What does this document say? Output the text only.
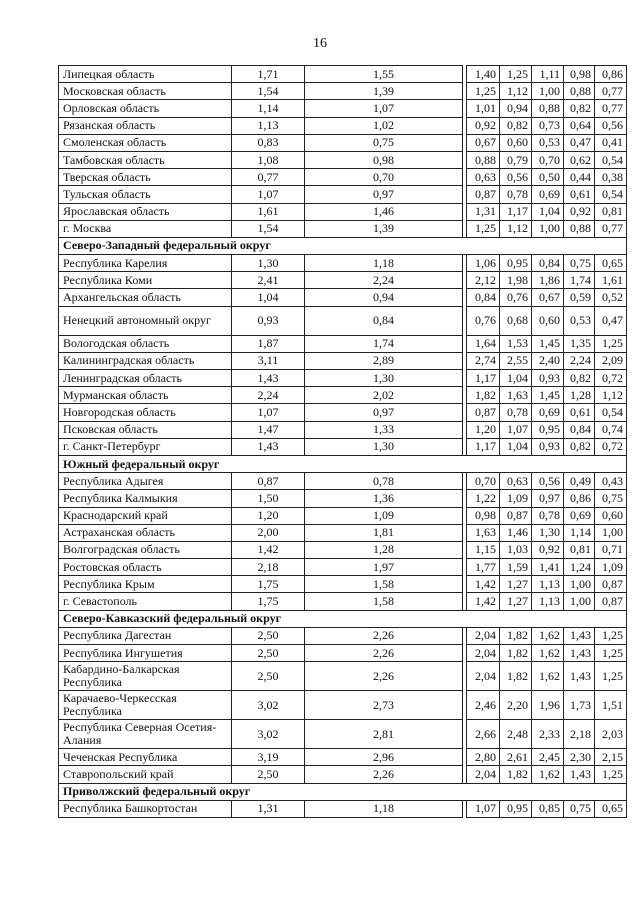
16
Липецкая область	1,71	1,55		1,40	1,25	1,11	0,98	0,86
Московская область	1,54	1,39		1,25	1,12	1,00	0,88	0,77
Орловская область	1,14	1,07		1,01	0,94	0,88	0,82	0,77
Рязанская область	1,13	1,02		0,92	0,82	0,73	0,64	0,56
Смоленская область	0,83	0,75		0,67	0,60	0,53	0,47	0,41
Тамбовская область	1,08	0,98		0,88	0,79	0,70	0,62	0,54
Тверская область	0,77	0,70		0,63	0,56	0,50	0,44	0,38
Тульская область	1,07	0,97		0,87	0,78	0,69	0,61	0,54
Ярославская область	1,61	1,46		1,31	1,17	1,04	0,92	0,81
г. Москва	1,54	1,39		1,25	1,12	1,00	0,88	0,77
Северо-Западный федеральный округ								
Республика Карелия	1,30	1,18		1,06	0,95	0,84	0,75	0,65
Республика Коми	2,41	2,24		2,12	1,98	1,86	1,74	1,61
Архангельская область	1,04	0,94		0,84	0,76	0,67	0,59	0,52
Ненецкий автономный округ	0,93	0,84		0,76	0,68	0,60	0,53	0,47
Вологодская область	1,87	1,74		1,64	1,53	1,45	1,35	1,25
Калининградская область	3,11	2,89		2,74	2,55	2,40	2,24	2,09
Ленинградская область	1,43	1,30		1,17	1,04	0,93	0,82	0,72
Мурманская область	2,24	2,02		1,82	1,63	1,45	1,28	1,12
Новгородская область	1,07	0,97		0,87	0,78	0,69	0,61	0,54
Псковская область	1,47	1,33		1,20	1,07	0,95	0,84	0,74
г. Санкт-Петербург	1,43	1,30		1,17	1,04	0,93	0,82	0,72
Южный федеральный округ								
Республика Адыгея	0,87	0,78		0,70	0,63	0,56	0,49	0,43
Республика Калмыкия	1,50	1,36		1,22	1,09	0,97	0,86	0,75
Краснодарский край	1,20	1,09		0,98	0,87	0,78	0,69	0,60
Астраханская область	2,00	1,81		1,63	1,46	1,30	1,14	1,00
Волгоградская область	1,42	1,28		1,15	1,03	0,92	0,81	0,71
Ростовская область	2,18	1,97		1,77	1,59	1,41	1,24	1,09
Республика Крым	1,75	1,58		1,42	1,27	1,13	1,00	0,87
г. Севастополь	1,75	1,58		1,42	1,27	1,13	1,00	0,87
Северо-Кавказский федеральный округ								
Республика Дагестан	2,50	2,26		2,04	1,82	1,62	1,43	1,25
Республика Ингушетия	2,50	2,26		2,04	1,82	1,62	1,43	1,25
Кабардино-Балкарская Республика	2,50	2,26		2,04	1,82	1,62	1,43	1,25
Карачаево-Черкесская Республика	3,02	2,73		2,46	2,20	1,96	1,73	1,51
Республика Северная Осетия-Алания	3,02	2,81		2,66	2,48	2,33	2,18	2,03
Чеченская Республика	3,19	2,96		2,80	2,61	2,45	2,30	2,15
Ставропольский край	2,50	2,26		2,04	1,82	1,62	1,43	1,25
Приволжский федеральный округ								
Республика Башкортостан	1,31	1,18		1,07	0,95	0,85	0,75	0,65
